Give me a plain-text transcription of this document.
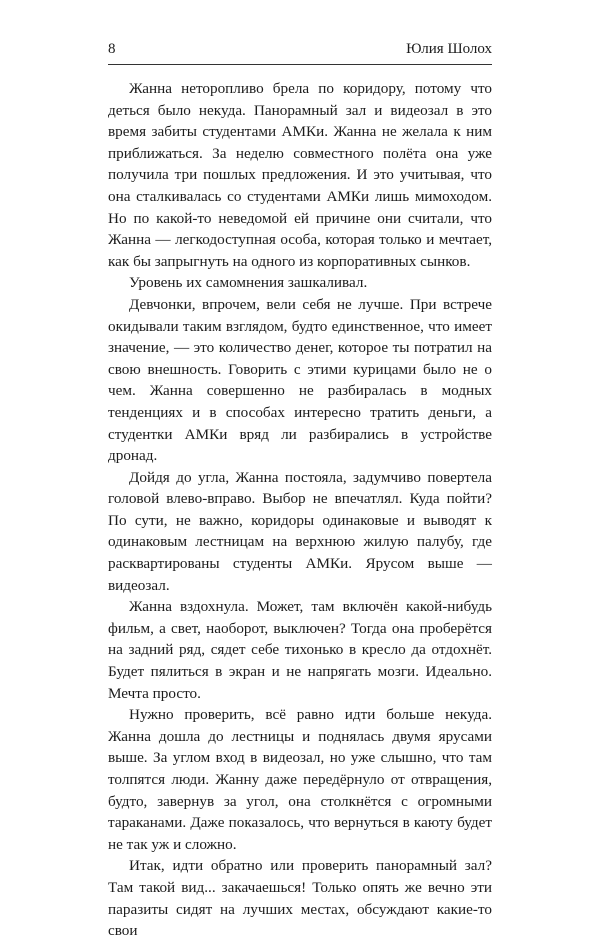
8	Юлия Шолох

Жанна неторопливо брела по коридору, потому что деться было некуда. Панорамный зал и видеозал в это время забиты студентами АМКи. Жанна не желала к ним приближаться. За неделю совместного полёта она уже получила три пошлых предложения. И это учитывая, что она сталкивалась со студентами АМКи лишь мимоходом. Но по какой-то неведомой ей причине они считали, что Жанна — легкодоступная особа, которая только и мечтает, как бы запрыгнуть на одного из корпоративных сынков.

Уровень их самомнения зашкаливал.

Девчонки, впрочем, вели себя не лучше. При встрече окидывали таким взглядом, будто единственное, что имеет значение, — это количество денег, которое ты потратил на свою внешность. Говорить с этими курицами было не о чем. Жанна совершенно не разбиралась в модных тенденциях и в способах интересно тратить деньги, а студентки АМКи вряд ли разбирались в устройстве дронад.

Дойдя до угла, Жанна постояла, задумчиво повертела головой влево-вправо. Выбор не впечатлял. Куда пойти? По сути, не важно, коридоры одинаковые и выводят к одинаковым лестницам на верхнюю жилую палубу, где расквартированы студенты АМКи. Ярусом выше — видеозал.

Жанна вздохнула. Может, там включён какой-нибудь фильм, а свет, наоборот, выключен? Тогда она проберётся на задний ряд, сядет себе тихонько в кресло да отдохнёт. Будет пялиться в экран и не напрягать мозги. Идеально. Мечта просто.

Нужно проверить, всё равно идти больше некуда. Жанна дошла до лестницы и поднялась двумя ярусами выше. За углом вход в видеозал, но уже слышно, что там толпятся люди. Жанну даже передёрнуло от отвращения, будто, завернув за угол, она столкнётся с огромными тараканами. Даже показалось, что вернуться в каюту будет не так уж и сложно.

Итак, идти обратно или проверить панорамный зал? Там такой вид... закачаешься! Только опять же вечно эти паразиты сидят на лучших местах, обсуждают какие-то свои
